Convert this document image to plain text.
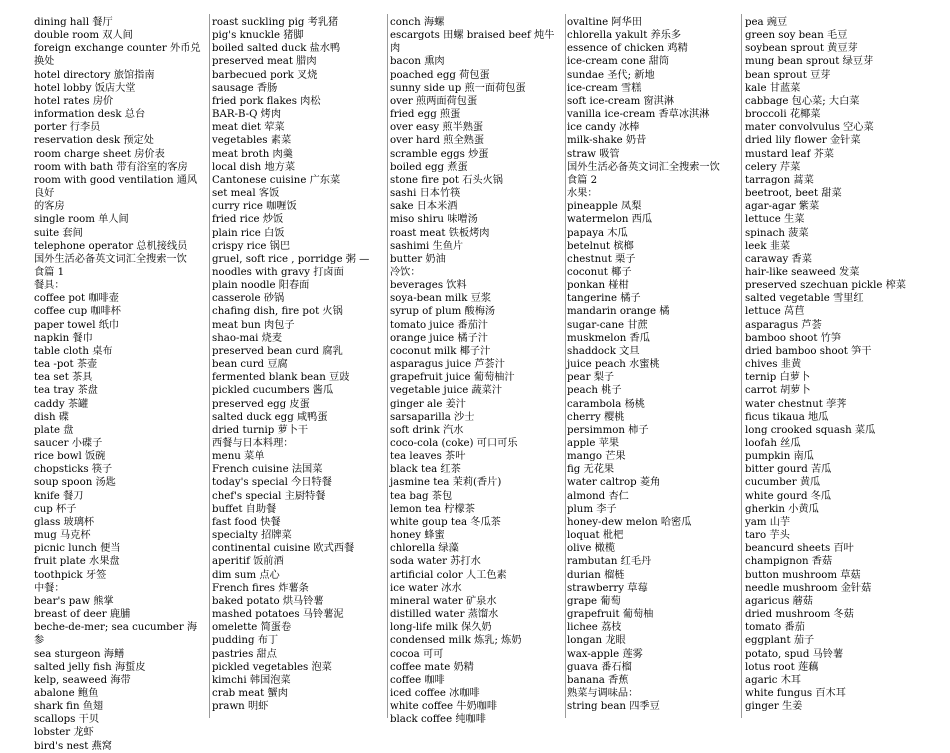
dining hall 餐厅
double room 双人间
foreign exchange counter 外币兑换处
hotel directory 旅馆指南
hotel lobby 饭店大堂
hotel rates 房价
information desk 总台
porter 行李员
reservation desk 预定处
room charge sheet 房价表
room with bath 带有浴室的客房
room with good ventilation 通风良好
的客房
single room 单人间
suite 套间
telephone operator 总机接线员
国外生活必备英文词汇全搜索一饮
食篇 1
餐具：
coffee pot 咖啡壶
coffee cup 咖啡杯
paper towel 纸巾
napkin 餐巾
table cloth 桌布
tea -pot 茶壶
tea set 茶具
tea tray 茶盘
caddy 茶罐
dish 碟
plate 盘
saucer 小碟子
rice bowl 饭碗
chopsticks 筷子
soup spoon 汤匙
knife 餐刀
cup 杯子
glass 玻璃杯
mug 马克杯
picnic lunch 便当
fruit plate 水果盘
toothpick 牙签
中餐：
bear's paw 熊掌
breast of deer 鹿脯
beche-de-mer; sea cucumber 海参
sea sturgeon 海鳝
salted jelly fish 海蜇皮
kelp, seaweed 海带
abalone 鲍鱼
shark fin 鱼翅
scallops 干贝
lobster 龙虾
bird's nest 燕窝
roast suckling pig 考乳猪
pig's knuckle 猪脚
boiled salted duck 盐水鸭
preserved meat 腊肉
barbecued pork 叉烧
sausage 香肠
fried pork flakes 肉松
BAR-B-Q 烤肉
meat diet 荤菜
vegetables 素菜
meat broth 肉羹
local dish 地方菜
Cantonese cuisine 广东菜
set meal 客饭
curry rice 咖喱饭
fried rice 炒饭
plain rice 白饭
crispy rice 锅巴
gruel, soft rice , porridge 粥 —
noodles with gravy 打卤面
plain noodle 阳春面
casserole 砂锅
chafing dish, fire pot 火锅
meat bun 肉包子
shao-mai 烧麦
preserved bean curd 腐乳
bean curd 豆腐
fermented blank bean 豆豉
pickled cucumbers 酱瓜
preserved egg 皮蛋
salted duck egg 咸鸭蛋
dried turnip 萝卜干
西餐与日本料理：
menu 菜单
French cuisine 法国菜
today's special 今日特餐
chef's special 主厨特餐
buffet 自助餐
fast food 快餐
specialty 招牌菜
continental cuisine 欧式西餐
aperitif 饭前酒
dim sum 点心
French fires 炸薯条
baked potato 烘马铃薯
mashed potatoes 马铃薯泥
omelette 简蛋卷
pudding 布丁
pastries 甜点
pickled vegetables 泡菜
kimchi 韩国泡菜
crab meat 蟹肉
prawn 明虾
conch 海螺
escargots 田螺 braised beef 炖牛肉
bacon 熏肉
poached egg 荷包蛋
sunny side up 煎一面荷包蛋
over 煎两面荷包蛋
fried egg 煎蛋
over easy 煎半熟蛋
over hard 煎全熟蛋
scramble eggs 炒蛋
boiled egg 煮蛋
stone fire pot 石头火锅
sashi 日本竹筷
sake 日本米酒
miso shiru 味噌汤
roast meat 铁板烤肉
sashimi 生鱼片
butter 奶油
冷饮：
beverages 饮料
soya-bean milk 豆浆
syrup of plum 酸梅汤
tomato juice 番茄汁
orange juice 橘子汁
coconut milk 椰子汁
asparagus juice 芦荟汁
grapefruit juice 葡萄柚汁
vegetable juice 蔬菜汁
ginger ale 姜汁
sarsaparilla 沙士
soft drink 汽水
coco-cola (coke) 可口可乐
tea leaves 茶叶
black tea 红茶
jasmine tea 茉莉(香片)
tea bag 茶包
lemon tea 柠檬茶
white goup tea 冬瓜茶
honey 蜂蜜
chlorella 绿藻
soda water 苏打水
artificial color 人工色素
ice water 冰水
mineral water 矿泉水
distilled water 蒸馏水
long-life milk 保久奶
condensed milk 炼乳; 炼奶
cocoa 可可
coffee mate 奶精
coffee 咖啡
iced coffee 冰咖啡
white coffee 牛奶咖啡
black coffee 纯咖啡
ovaltine 阿华田
chlorella yakult 养乐多
essence of chicken 鸡精
ice-cream cone 甜筒
sundae 圣代; 新地
ice-cream 雪糕
soft ice-cream 窗淇淋
vanilla ice-cream 香草冰淇淋
ice candy 冰棒
milk-shake 奶昔
straw 吸管
国外生活必备英文词汇全搜索一饮
食篇 2
水果：
pineapple 凤梨
watermelon 西瓜
papaya 木瓜
betelnut 槟榔
chestnut 栗子
coconut 椰子
ponkan 椪柑
tangerine 橘子
mandarin orange 橘
sugar-cane 甘蔗
muskmelon 香瓜
shaddock 文旦
juice peach 水蜜桃
pear 梨子
peach 桃子
carambola 杨桃
cherry 樱桃
persimmon 柿子
apple 苹果
mango 芒果
fig 无花果
water caltrop 菱角
almond 杏仁
plum 李子
honey-dew melon 哈密瓜
loquat 枇杷
olive 橄榄
rambutan 红毛丹
durian 榴梿
strawberry 草莓
grape 葡萄
grapefruit 葡萄柚
lichee 荔枝
longan 龙眼
wax-apple 莲雾
guava 番石榴
banana 香蕉
熟菜与调味品：
string bean 四季豆
pea 豌豆
green soy bean 毛豆
soybean sprout 黄豆芽
mung bean sprout 绿豆芽
bean sprout 豆芽
kale 甘蓝菜
cabbage 包心菜; 大白菜
broccoli 花椰菜
mater convolvulus 空心菜
dried lily flower 金针菜
mustard leaf 芥菜
celery 芹菜
tarragon 蒿菜
beetroot, beet 甜菜
agar-agar 紫菜
lettuce 生菜
spinach 菠菜
leek 韭菜
caraway 香菜
hair-like seaweed 发菜
preserved szechuan pickle 榨菜
salted vegetable 雪里红
lettuce 莴苣
asparagus 芦荟
bamboo shoot 竹笋
dried bamboo shoot 笋干
chives 韭黄
ternip 白萝卜
carrot 胡萝卜
water chestnut 荸荠
ficus tikaua 地瓜
long crooked squash 菜瓜
loofah 丝瓜
pumpkin 南瓜
bitter gourd 苦瓜
cucumber 黄瓜
white gourd 冬瓜
gherkin 小黄瓜
yam 山芋
taro 芋头
beancurd sheets 百叶
champignon 香菇
button mushroom 草菇
needle mushroom 金针菇
agaricus 蘑菇
dried mushroom 冬菇
tomato 番茄
eggplant 茄子
potato, spud 马铃薯
lotus root 莲藕
agaric 木耳
white fungus 百木耳
ginger 生姜
